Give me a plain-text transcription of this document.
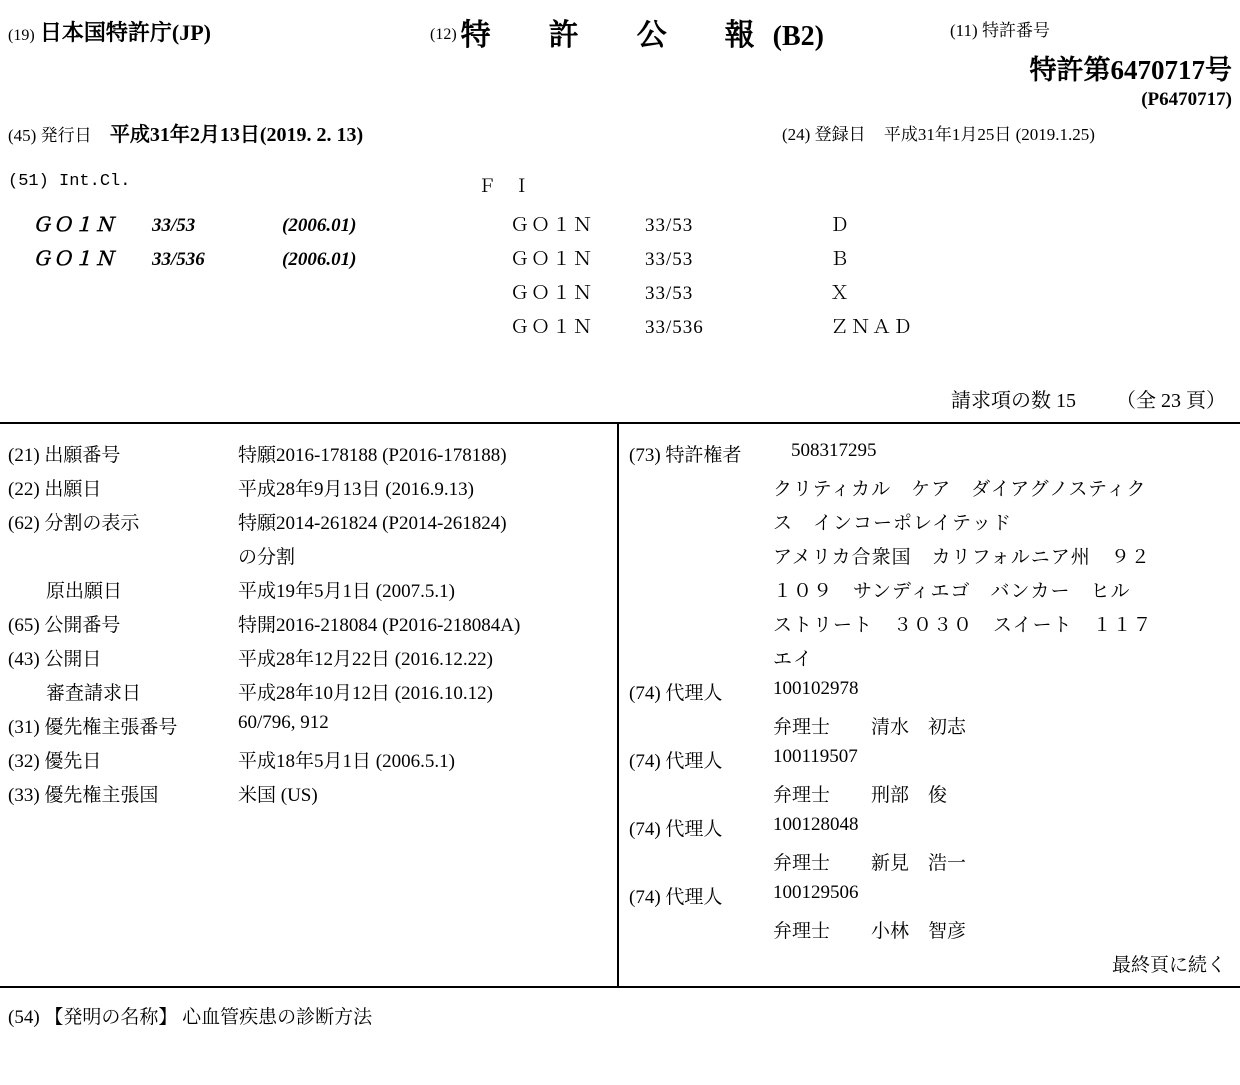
(19) 日本国特許庁(JP)	(12) 特　許　公　報 (B2)	(11) 特許番号
特許第6470717号
(P6470717)
(45) 発行日 平成31年2月13日(2019. 2. 13)	(24) 登録日 平成31年1月25日 (2019.1.25)
(51) Int.Cl.	Ｆ Ｉ
ＧＯ１Ｎ 33/53	(2006.01)
ＧＯ１Ｎ 33/536	(2006.01)
ＧＯ１Ｎ	33/53	Ｄ
ＧＯ１Ｎ	33/53	Ｂ
ＧＯ１Ｎ	33/53	Ｘ
ＧＯ１Ｎ	33/536	ＺＮＡＤ
請求項の数 15 （全 23 頁）
(21) 出願番号	特願2016-178188 (P2016-178188)
(22) 出願日	平成28年9月13日 (2016.9.13)
(62) 分割の表示	特願2014-261824 (P2014-261824)
の分割
　　原出願日	平成19年5月1日 (2007.5.1)
(65) 公開番号	特開2016-218084 (P2016-218084A)
(43) 公開日	平成28年12月22日 (2016.12.22)
　　審査請求日	平成28年10月12日 (2016.10.12)
(31) 優先権主張番号	60/796, 912
(32) 優先日	平成18年5月1日 (2006.5.1)
(33) 優先権主張国	米国 (US)
(73) 特許権者	508317295
クリティカル　ケア　ダイアグノスティク
ス　インコーポレイテッド
アメリカ合衆国　カリフォルニア州　９２
１０９　サンディエゴ　バンカー　ヒル
ストリート　３０３０　スイート　１１７
エイ
(74) 代理人	100102978
弁理士 清水　初志
(74) 代理人	100119507
弁理士 刑部　俊
(74) 代理人	100128048
弁理士 新見　浩一
(74) 代理人	100129506
弁理士 小林　智彦
最終頁に続く
(54) 【発明の名称】 心血管疾患の診断方法
